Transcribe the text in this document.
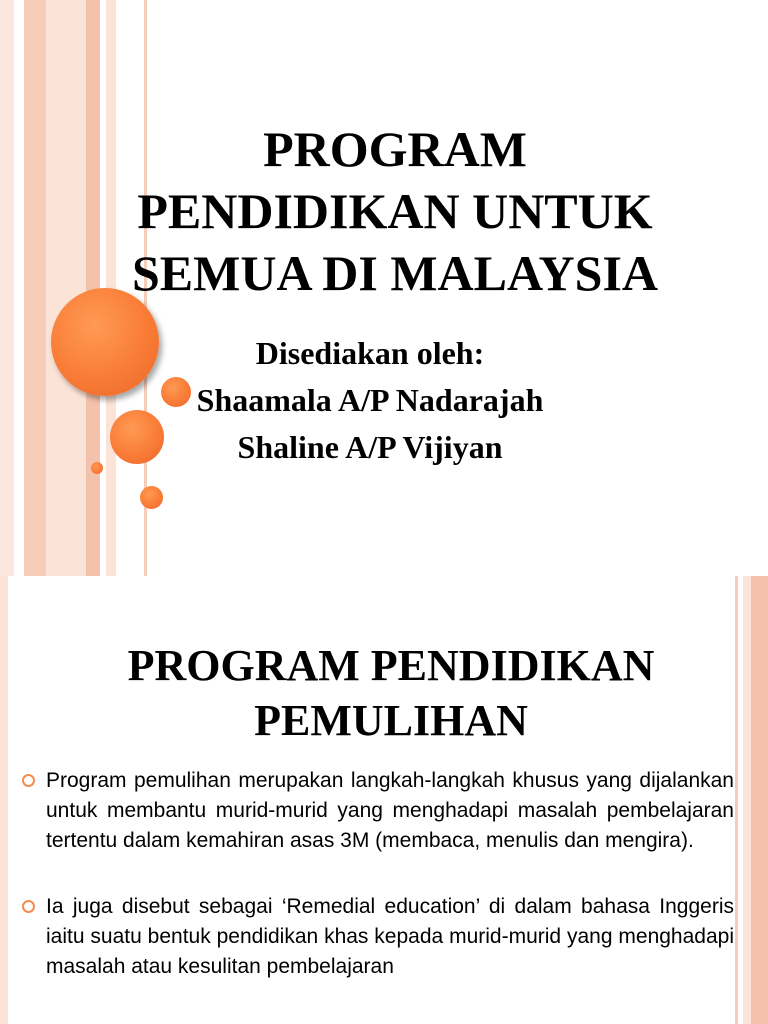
PROGRAM
PENDIDIKAN UNTUK
SEMUA DI MALAYSIA
Disediakan oleh:
Shaamala A/P Nadarajah
Shaline A/P Vijiyan
PROGRAM PENDIDIKAN
PEMULIHAN
Program pemulihan merupakan langkah-langkah khusus yang dijalankan untuk membantu murid-murid yang menghadapi masalah pembelajaran tertentu dalam kemahiran asas 3M (membaca, menulis dan mengira).
Ia juga disebut sebagai ‘Remedial education’ di dalam bahasa Inggeris iaitu suatu bentuk pendidikan khas kepada murid-murid yang menghadapi masalah atau kesulitan pembelajaran
